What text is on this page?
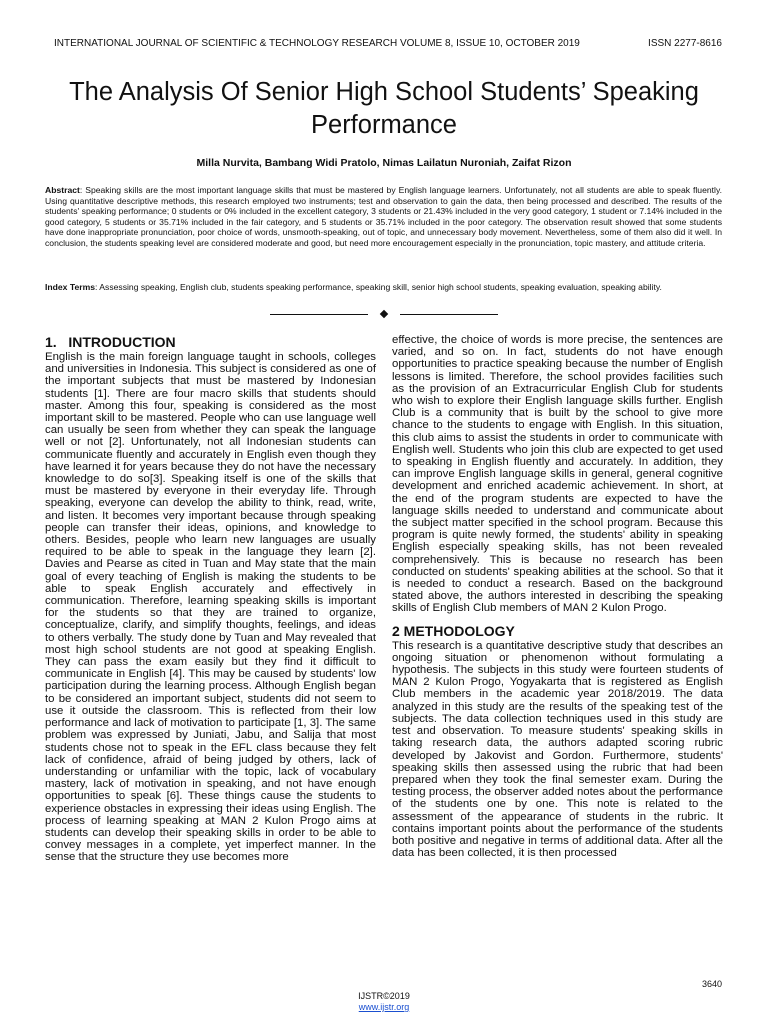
INTERNATIONAL JOURNAL OF SCIENTIFIC & TECHNOLOGY RESEARCH VOLUME 8, ISSUE 10, OCTOBER 2019	ISSN 2277-8616
The Analysis Of Senior High School Students’ Speaking Performance
Milla Nurvita, Bambang Widi Pratolo, Nimas Lailatun Nuroniah, Zaifat Rizon
Abstract: Speaking skills are the most important language skills that must be mastered by English language learners. Unfortunately, not all students are able to speak fluently. Using quantitative descriptive methods, this research employed two instruments; test and observation to gain the data, then being processed and described. The results of the students' speaking performance; 0 students or 0% included in the excellent category, 3 students or 21.43% included in the very good category, 1 student or 7.14% included in the good category, 5 students or 35.71% included in the fair category, and 5 students or 35.71% included in the poor category. The observation result showed that some students have done inappropriate pronunciation, poor choice of words, unsmooth-speaking, out of topic, and unnecessary body movement. Nevertheless, some of them also did it well. In conclusion, the students speaking level are considered moderate and good, but need more encouragement especially in the pronunciation, topic mastery, and attitude criteria.
Index Terms: Assessing speaking, English club, students speaking performance, speaking skill, senior high school students, speaking evaluation, speaking ability.
1.   INTRODUCTION

English is the main foreign language taught in schools, colleges and universities in Indonesia. This subject is considered as one of the important subjects that must be mastered by Indonesian students [1]. There are four macro skills that students should master. Among this four, speaking is considered as the most important skill to be mastered. People who can use language well can usually be seen from whether they can speak the language well or not [2]. Unfortunately, not all Indonesian students can communicate fluently and accurately in English even though they have learned it for years because they do not have the necessary knowledge to do so[3]. Speaking itself is one of the skills that must be mastered by everyone in their everyday life. Through speaking, everyone can develop the ability to think, read, write, and listen. It becomes very important because through speaking people can transfer their ideas, opinions, and knowledge to others. Besides, people who learn new languages are usually required to be able to speak in the language they learn [2]. Davies and Pearse as cited in Tuan and May state that the main goal of every teaching of English is making the students to be able to speak English accurately and effectively in communication. Therefore, learning speaking skills is important for the students so that they are trained to organize, conceptualize, clarify, and simplify thoughts, feelings, and ideas to others verbally. The study done by Tuan and May revealed that most high school students are not good at speaking English. They can pass the exam easily but they find it difficult to communicate in English [4]. This may be caused by students' low participation during the learning process. Although English began to be considered an important subject, students did not seem to use it outside the classroom. This is reflected from their low performance and lack of motivation to participate [1, 3]. The same problem was expressed by Juniati, Jabu, and Salija that most students chose not to speak in the EFL class because they felt lack of confidence, afraid of being judged by others, lack of understanding or unfamiliar with the topic, lack of vocabulary mastery, lack of motivation in speaking, and not have enough opportunities to speak [6]. These things cause the students to experience obstacles in expressing their ideas using English. The process of learning speaking at MAN 2 Kulon Progo aims at students can develop their speaking skills in order to be able to convey messages in a complete, yet imperfect manner. In the sense that the structure they use becomes more

effective, the choice of words is more precise, the sentences are varied, and so on. In fact, students do not have enough opportunities to practice speaking because the number of English lessons is limited. Therefore, the school provides facilities such as the provision of an Extracurricular English Club for students who wish to explore their English language skills further. English Club is a community that is built by the school to give more chance to the students to engage with English. In this situation, this club aims to assist the students in order to communicate with English well. Students who join this club are expected to get used to speaking in English fluently and accurately. In addition, they can improve English language skills in general, general cognitive development and enriched academic achievement. In short, at the end of the program students are expected to have the language skills needed to understand and communicate about the subject matter specified in the school program. Because this program is quite newly formed, the students' ability in speaking English especially speaking skills, has not been revealed comprehensively. This is because no research has been conducted on students' speaking abilities at the school. So that it is needed to conduct a research. Based on the background stated above, the authors interested in describing the speaking skills of English Club members of MAN 2 Kulon Progo.

2 METHODOLOGY

This research is a quantitative descriptive study that describes an ongoing situation or phenomenon without formulating a hypothesis. The subjects in this study were fourteen students of MAN 2 Kulon Progo, Yogyakarta that is registered as English Club members in the academic year 2018/2019. The data analyzed in this study are the results of the speaking test of the subjects. The data collection techniques used in this study are test and observation. To measure students' speaking skills in taking research data, the authors adapted scoring rubric developed by Jakovist and Gordon. Furthermore, students' speaking skills then assessed using the rubric that had been prepared when they took the final semester exam. During the testing process, the observer added notes about the performance of the students one by one. This note is related to the assessment of the appearance of students in the rubric. It contains important points about the performance of the students both positive and negative in terms of additional data. After all the data has been collected, it is then processed

3640
IJSTR©2019
www.ijstr.org
